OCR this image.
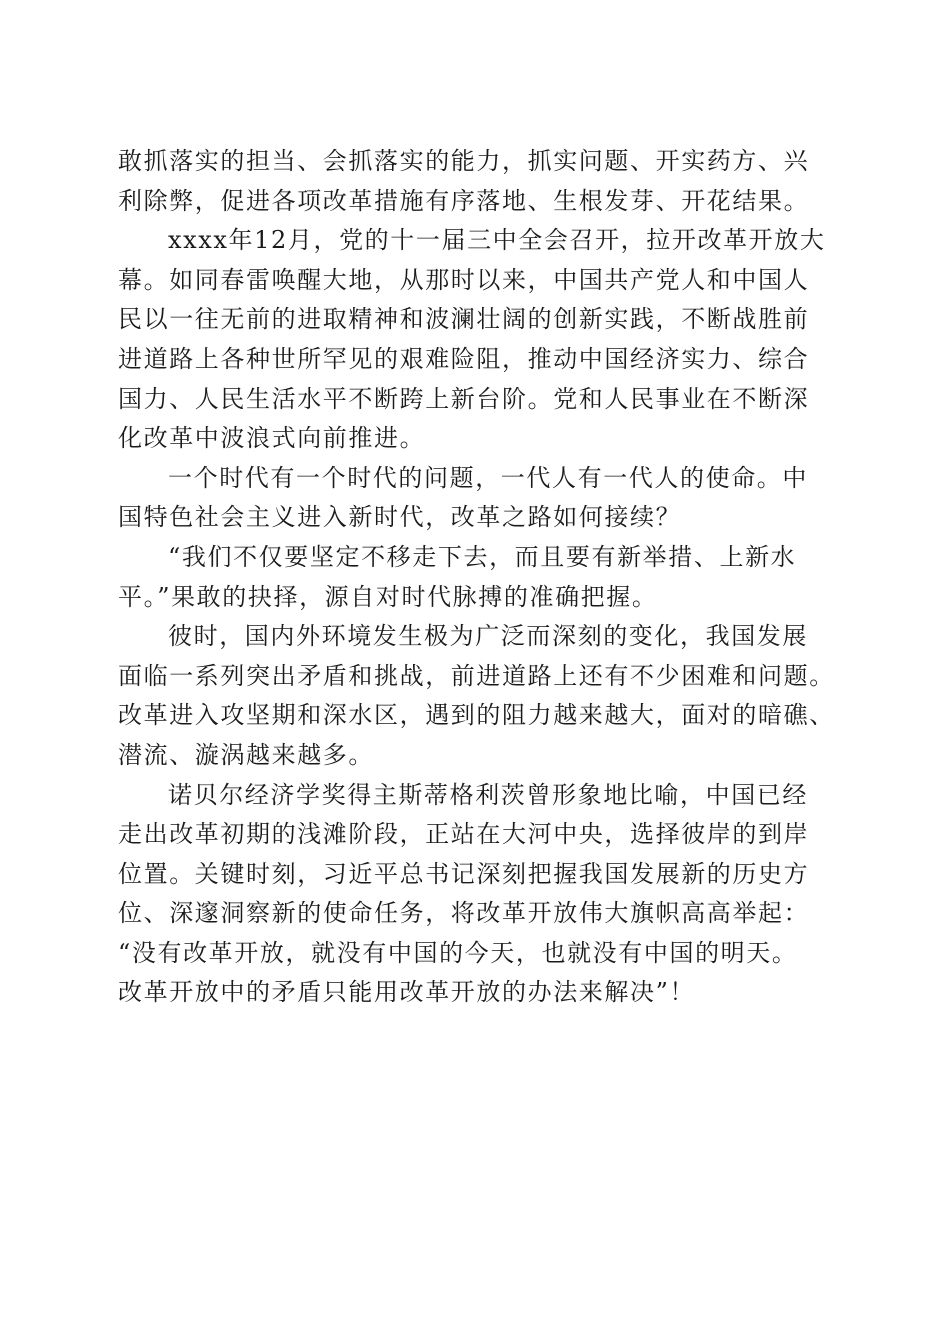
敢抓落实的担当、会抓落实的能力，抓实问题、开实药方、兴
利除弊，促进各项改革措施有序落地、生根发芽、开花结果。

xxxx年12月，党的十一届三中全会召开，拉开改革开放大
幕。如同春雷唤醒大地，从那时以来，中国共产党人和中国人
民以一往无前的进取精神和波澜壮阔的创新实践，不断战胜前
进道路上各种世所罕见的艰难险阻，推动中国经济实力、综合
国力、人民生活水平不断跨上新台阶。党和人民事业在不断深
化改革中波浪式向前推进。

一个时代有一个时代的问题，一代人有一代人的使命。中
国特色社会主义进入新时代，改革之路如何接续？

“我们不仅要坚定不移走下去，而且要有新举措、上新水
平。”果敢的抉择，源自对时代脉搏的准确把握。

彼时，国内外环境发生极为广泛而深刻的变化，我国发展
面临一系列突出矛盾和挑战，前进道路上还有不少困难和问题。
改革进入攻坚期和深水区，遇到的阻力越来越大，面对的暗礁、
潜流、漩涡越来越多。

诺贝尔经济学奖得主斯蒂格利茨曾形象地比喻，中国已经
走出改革初期的浅滩阶段，正站在大河中央，选择彼岸的到岸
位置。关键时刻，习近平总书记深刻把握我国发展新的历史方
位、深邃洞察新的使命任务，将改革开放伟大旗帜高高举起：
“没有改革开放，就没有中国的今天，也就没有中国的明天。
改革开放中的矛盾只能用改革开放的办法来解决”！
